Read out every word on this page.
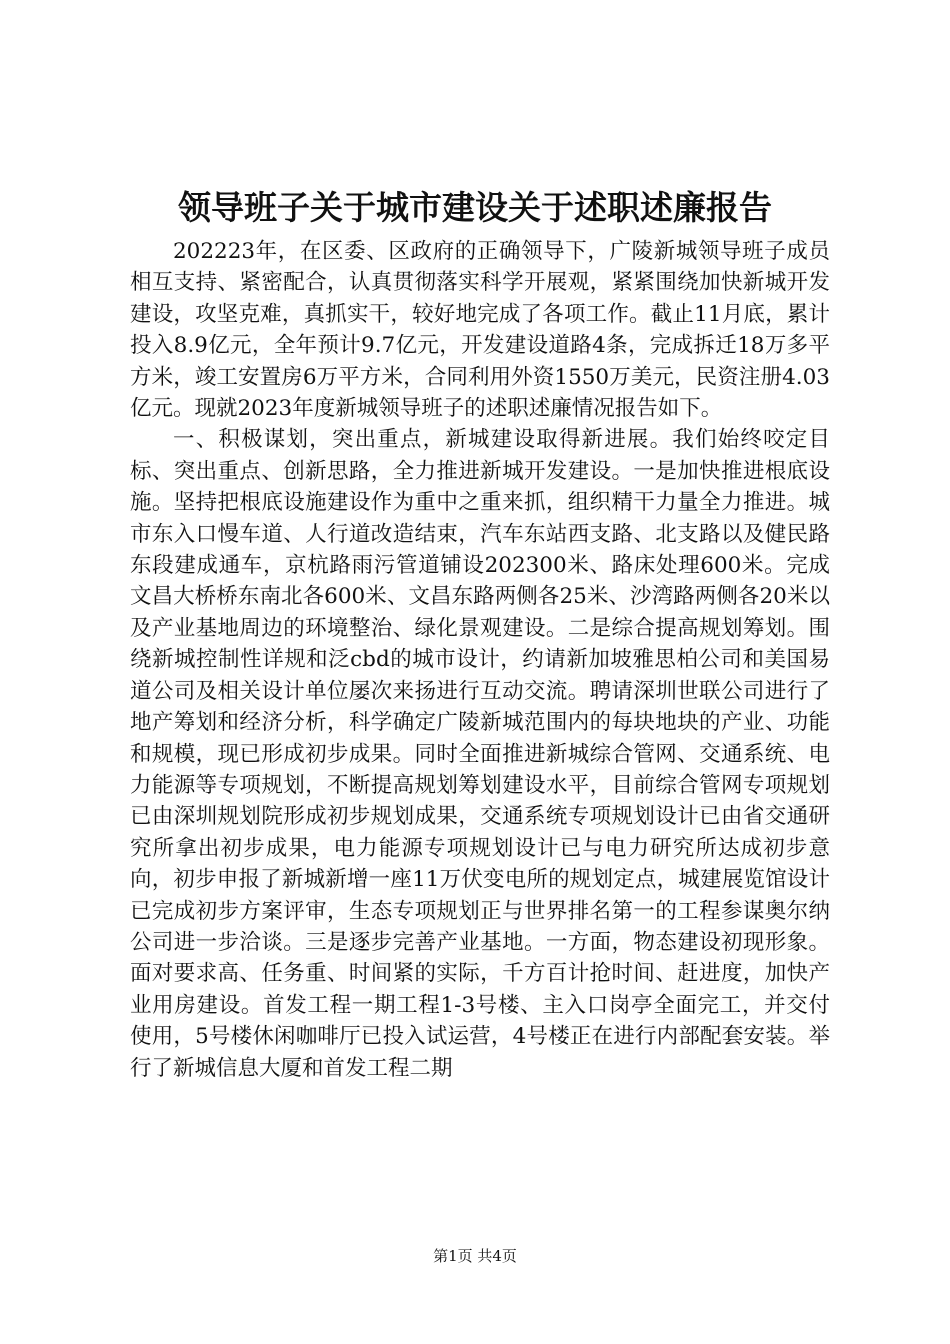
领导班子关于城市建设关于述职述廉报告

202223年，在区委、区政府的正确领导下，广陵新城领导班子成员相互支持、紧密配合，认真贯彻落实科学开展观，紧紧围绕加快新城开发建设，攻坚克难，真抓实干，较好地完成了各项工作。截止11月底，累计投入8.9亿元，全年预计9.7亿元，开发建设道路4条，完成拆迁18万多平方米，竣工安置房6万平方米，合同利用外资1550万美元，民资注册4.03亿元。现就2023年度新城领导班子的述职述廉情况报告如下。

一、积极谋划，突出重点，新城建设取得新进展。我们始终咬定目标、突出重点、创新思路，全力推进新城开发建设。一是加快推进根底设施。坚持把根底设施建设作为重中之重来抓，组织精干力量全力推进。城市东入口慢车道、人行道改造结束，汽车东站西支路、北支路以及健民路东段建成通车，京杭路雨污管道铺设202300米、路床处理600米。完成文昌大桥桥东南北各600米、文昌东路两侧各25米、沙湾路两侧各20米以及产业基地周边的环境整治、绿化景观建设。二是综合提高规划筹划。围绕新城控制性详规和泛cbd的城市设计，约请新加坡雅思柏公司和美国易道公司及相关设计单位屡次来扬进行互动交流。聘请深圳世联公司进行了地产筹划和经济分析，科学确定广陵新城范围内的每块地块的产业、功能和规模，现已形成初步成果。同时全面推进新城综合管网、交通系统、电力能源等专项规划，不断提高规划筹划建设水平，目前综合管网专项规划已由深圳规划院形成初步规划成果，交通系统专项规划设计已由省交通研究所拿出初步成果，电力能源专项规划设计已与电力研究所达成初步意向，初步申报了新城新增一座11万伏变电所的规划定点，城建展览馆设计已完成初步方案评审，生态专项规划正与世界排名第一的工程参谋奥尔纳公司进一步洽谈。三是逐步完善产业基地。一方面，物态建设初现形象。面对要求高、任务重、时间紧的实际，千方百计抢时间、赶进度，加快产业用房建设。首发工程一期工程1-3号楼、主入口岗亭全面完工，并交付使用，5号楼休闲咖啡厅已投入试运营，4号楼正在进行内部配套安装。举行了新城信息大厦和首发工程二期

第1页 共4页
